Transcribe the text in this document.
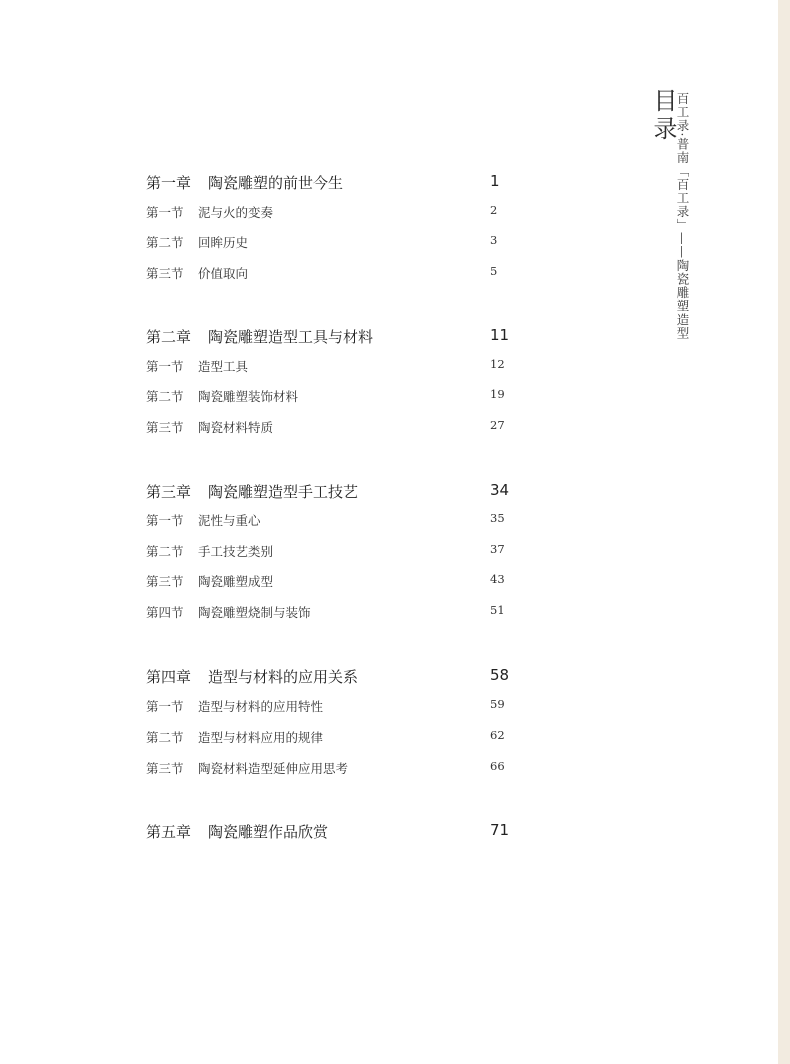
目录
百工录·普南「百工录」——陶瓷雕塑造型
第一章 陶瓷雕塑的前世今生	1
第一节 泥与火的变奏	2
第二节 回眸历史	3
第三节 价值取向	5
第二章 陶瓷雕塑造型工具与材料	11
第一节 造型工具	12
第二节 陶瓷雕塑装饰材料	19
第三节 陶瓷材料特质	27
第三章 陶瓷雕塑造型手工技艺	34
第一节 泥性与重心	35
第二节 手工技艺类别	37
第三节 陶瓷雕塑成型	43
第四节 陶瓷雕塑烧制与装饰	51
第四章 造型与材料的应用关系	58
第一节 造型与材料的应用特性	59
第二节 造型与材料应用的规律	62
第三节 陶瓷材料造型延伸应用思考	66
第五章 陶瓷雕塑作品欣赏	71
